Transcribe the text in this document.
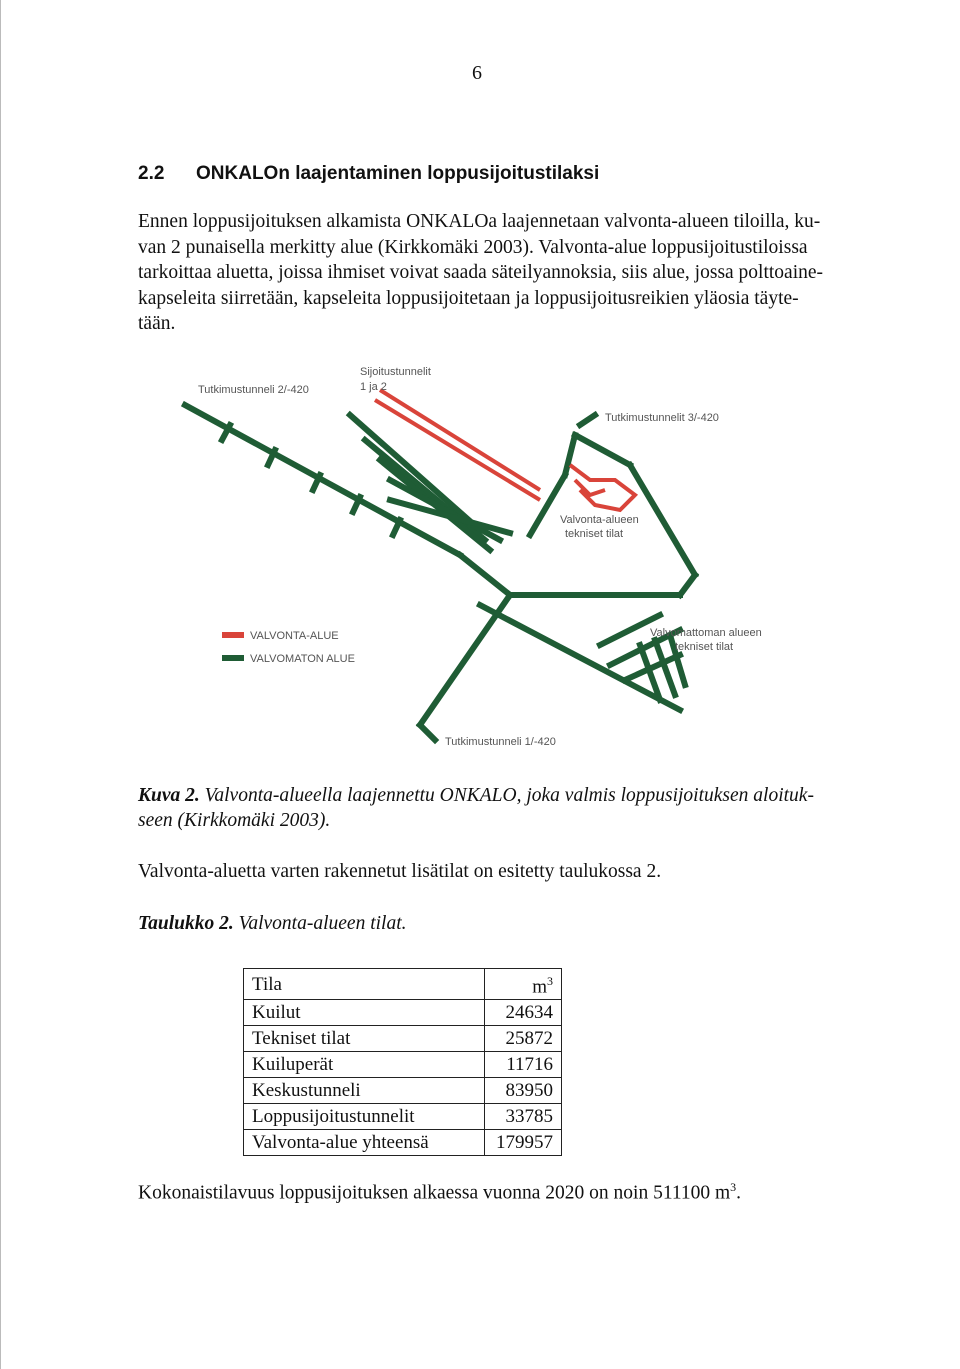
6
2.2 ONKALOn laajentaminen loppusijoitustilaksi
Ennen loppusijoituksen alkamista ONKALOa laajennetaan valvonta-alueen tiloilla, ku-
van 2 punaisella merkitty alue (Kirkkomäki 2003). Valvonta-alue loppusijoitustiloissa
tarkoittaa aluetta, joissa ihmiset voivat saada säteilyannoksia, siis alue, jossa polttoaine-
kapseleita siirretään, kapseleita loppusijoitetaan ja loppusijoitusreikien yläosia täyte-
tään.
VALVONTA-ALUE
VALVOMATON ALUE
Tutkimustunneli 2/-420
Sijoitustunnelit
1 ja 2
Tutkimustunnelit 3/-420
Valvonta-alueen
tekniset tilat
Valvomattoman alueen
tekniset tilat
Tutkimustunneli 1/-420
Kuva 2. Valvonta-alueella laajennettu ONKALO, joka valmis loppusijoituksen aloituk-
seen (Kirkkomäki 2003).
Valvonta-aluetta varten rakennetut lisätilat on esitetty taulukossa 2.
Taulukko 2. Valvonta-alueen tilat.
Tila	$m^3$
Kuilut	24634
Tekniset tilat	25872
Kuiluperät	11716
Keskustunneli	83950
Loppusijoitustunnelit	33785
Valvonta-alue yhteensä	179957
Kokonaistilavuus loppusijoituksen alkaessa vuonna 2020 on noin 511100 $m^3$.
